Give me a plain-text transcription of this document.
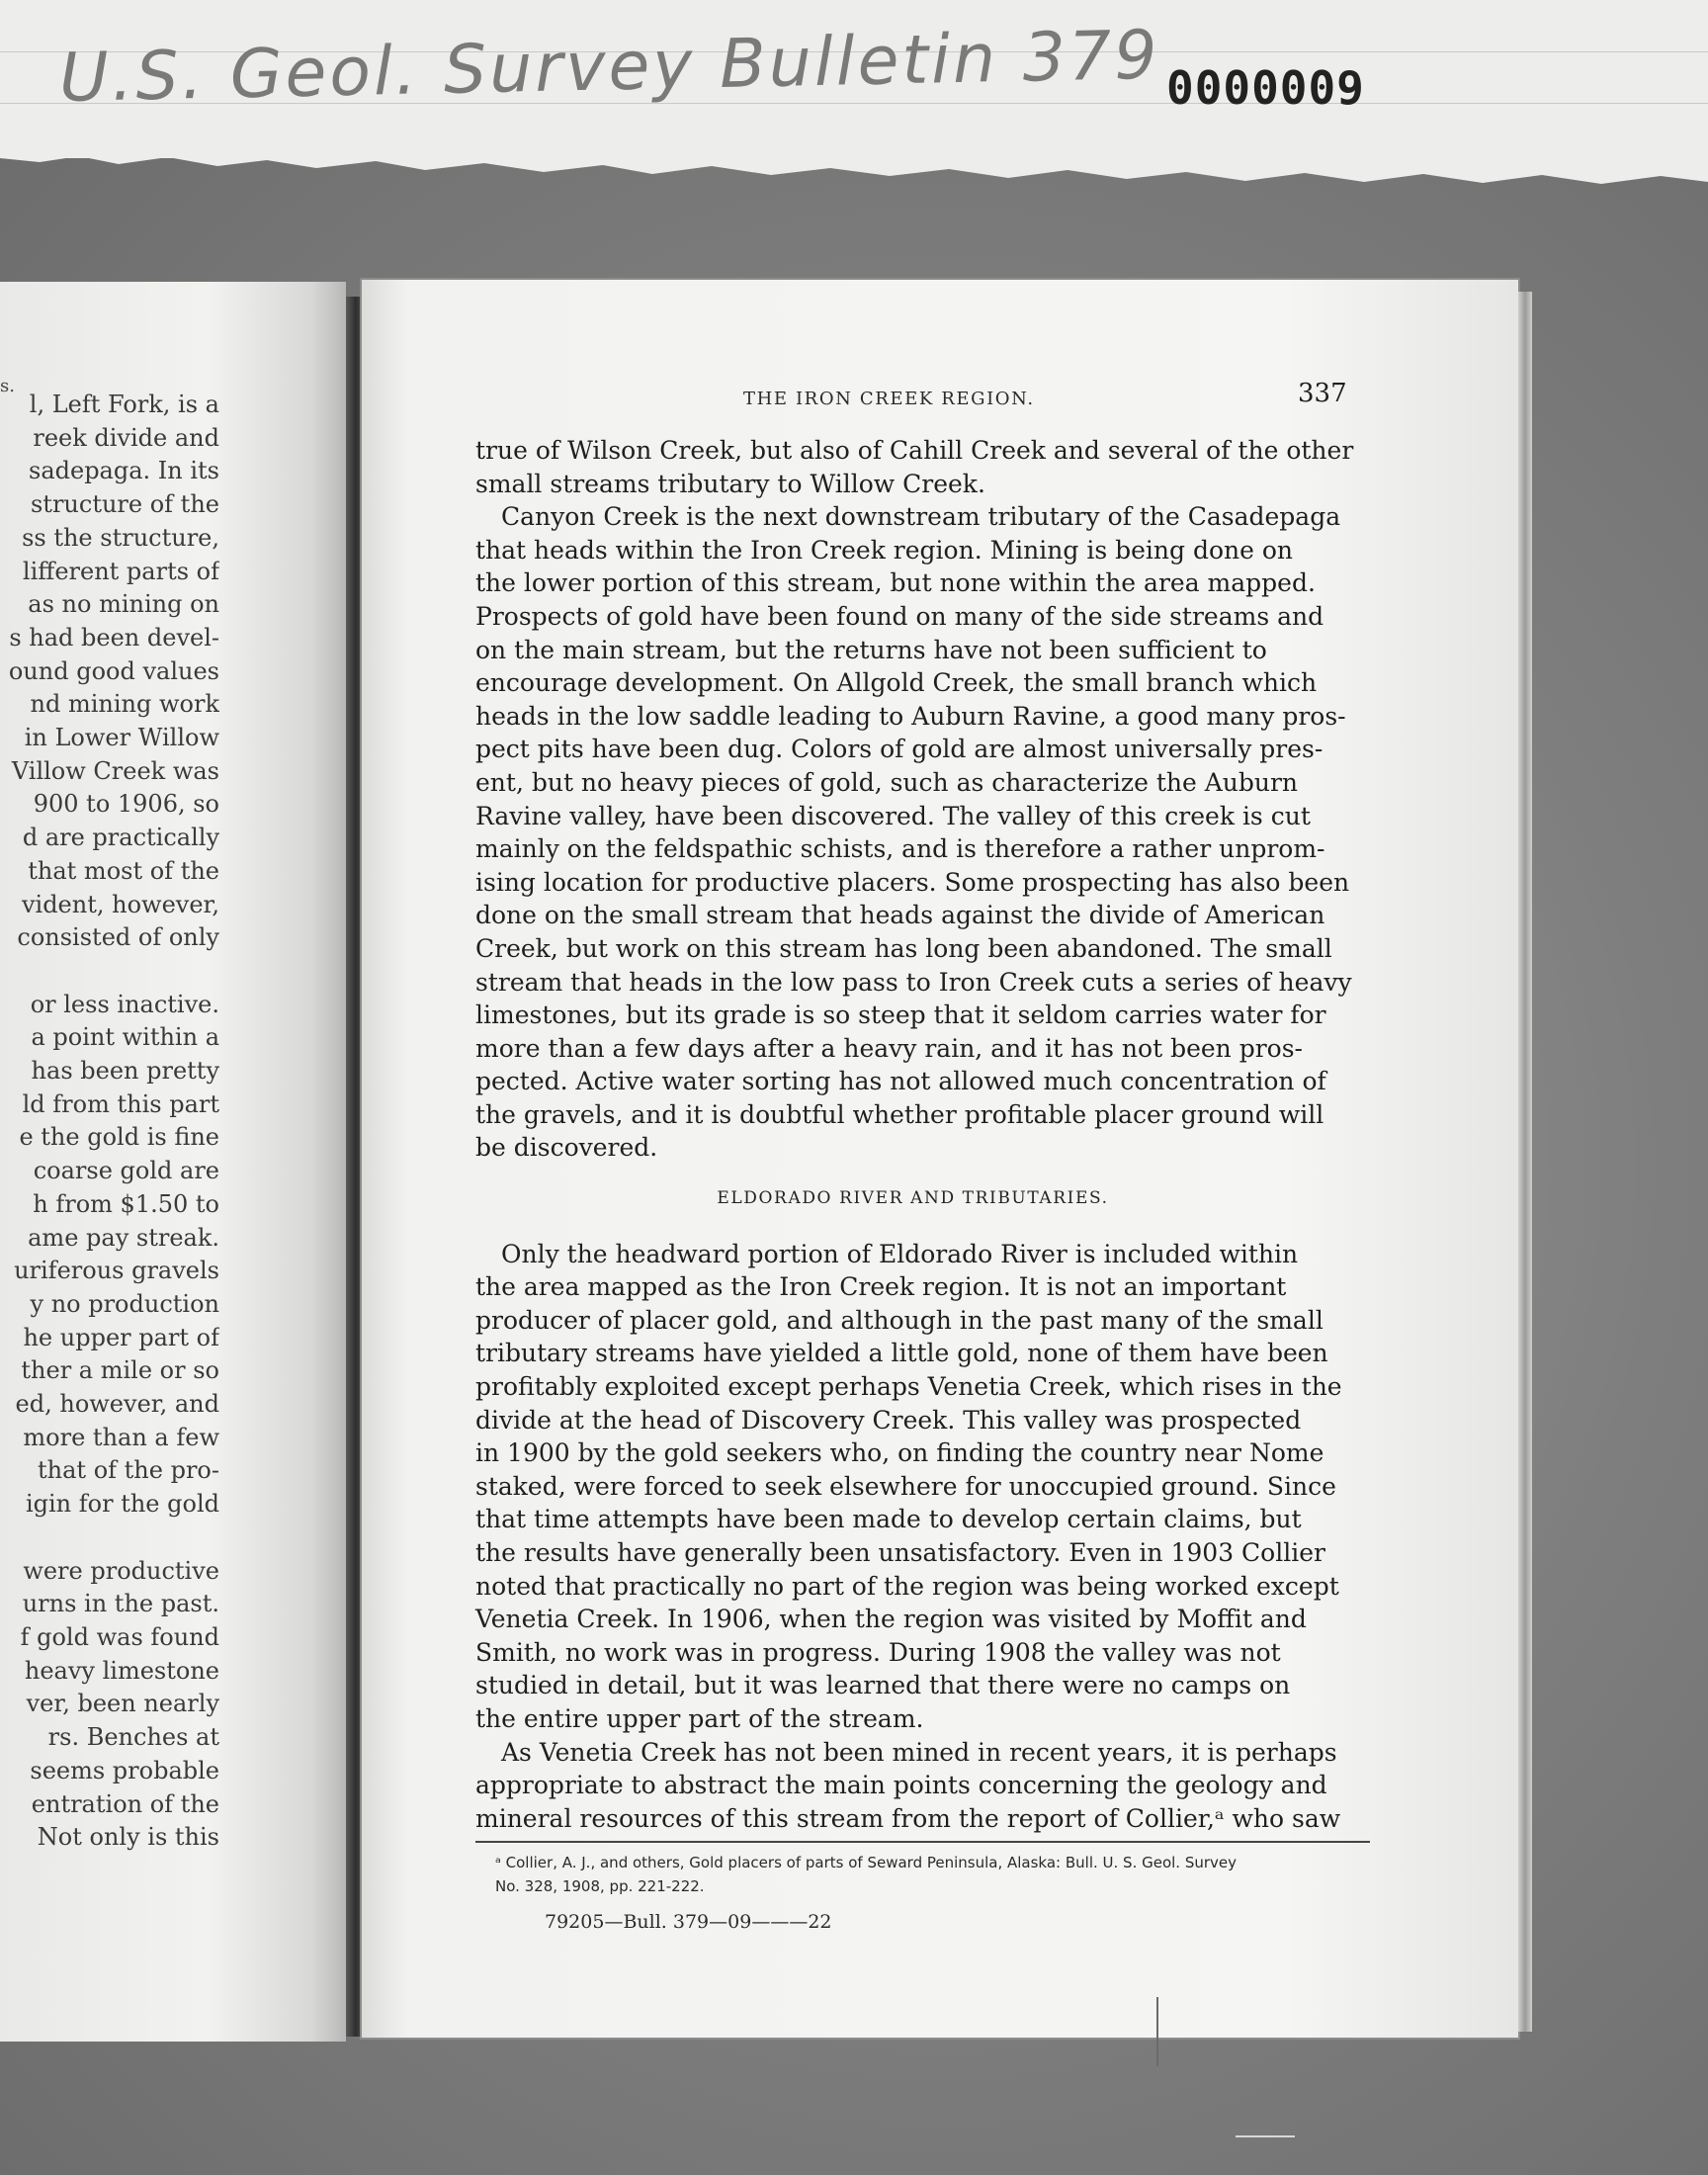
U.S. Geol. Survey Bulletin 379 0000009
s.
l, Left Fork, is a
reek divide and
sadepaga. In its
structure of the
ss the structure,
lifferent parts of
as no mining on
s had been devel-
ound good values
nd mining work
in Lower Willow
Villow Creek was
900 to 1906, so
d are practically
that most of the
vident, however,
consisted of only
or less inactive.
a point within a
has been pretty
ld from this part
e the gold is fine
coarse gold are
h from $1.50 to
ame pay streak.
uriferous gravels
y no production
he upper part of
ther a mile or so
ed, however, and
more than a few
that of the pro-
igin for the gold
were productive
urns in the past.
f gold was found
heavy limestone
ver, been nearly
rs. Benches at
seems probable
entration of the
Not only is this
THE IRON CREEK REGION.	337
true of Wilson Creek, but also of Cahill Creek and several of the other
small streams tributary to Willow Creek.
Canyon Creek is the next downstream tributary of the Casadepaga
that heads within the Iron Creek region. Mining is being done on
the lower portion of this stream, but none within the area mapped.
Prospects of gold have been found on many of the side streams and
on the main stream, but the returns have not been sufficient to
encourage development. On Allgold Creek, the small branch which
heads in the low saddle leading to Auburn Ravine, a good many pros-
pect pits have been dug. Colors of gold are almost universally pres-
ent, but no heavy pieces of gold, such as characterize the Auburn
Ravine valley, have been discovered. The valley of this creek is cut
mainly on the feldspathic schists, and is therefore a rather unprom-
ising location for productive placers. Some prospecting has also been
done on the small stream that heads against the divide of American
Creek, but work on this stream has long been abandoned. The small
stream that heads in the low pass to Iron Creek cuts a series of heavy
limestones, but its grade is so steep that it seldom carries water for
more than a few days after a heavy rain, and it has not been pros-
pected. Active water sorting has not allowed much concentration of
the gravels, and it is doubtful whether profitable placer ground will
be discovered.
ELDORADO RIVER AND TRIBUTARIES.
Only the headward portion of Eldorado River is included within
the area mapped as the Iron Creek region. It is not an important
producer of placer gold, and although in the past many of the small
tributary streams have yielded a little gold, none of them have been
profitably exploited except perhaps Venetia Creek, which rises in the
divide at the head of Discovery Creek. This valley was prospected
in 1900 by the gold seekers who, on finding the country near Nome
staked, were forced to seek elsewhere for unoccupied ground. Since
that time attempts have been made to develop certain claims, but
the results have generally been unsatisfactory. Even in 1903 Collier
noted that practically no part of the region was being worked except
Venetia Creek. In 1906, when the region was visited by Moffit and
Smith, no work was in progress. During 1908 the valley was not
studied in detail, but it was learned that there were no camps on
the entire upper part of the stream.
As Venetia Creek has not been mined in recent years, it is perhaps
appropriate to abstract the main points concerning the geology and
mineral resources of this stream from the report of Collier,ᵃ who saw
ᵃ Collier, A. J., and others, Gold placers of parts of Seward Peninsula, Alaska: Bull. U. S. Geol. Survey
No. 328, 1908, pp. 221-222.
79205—Bull. 379—09———22
